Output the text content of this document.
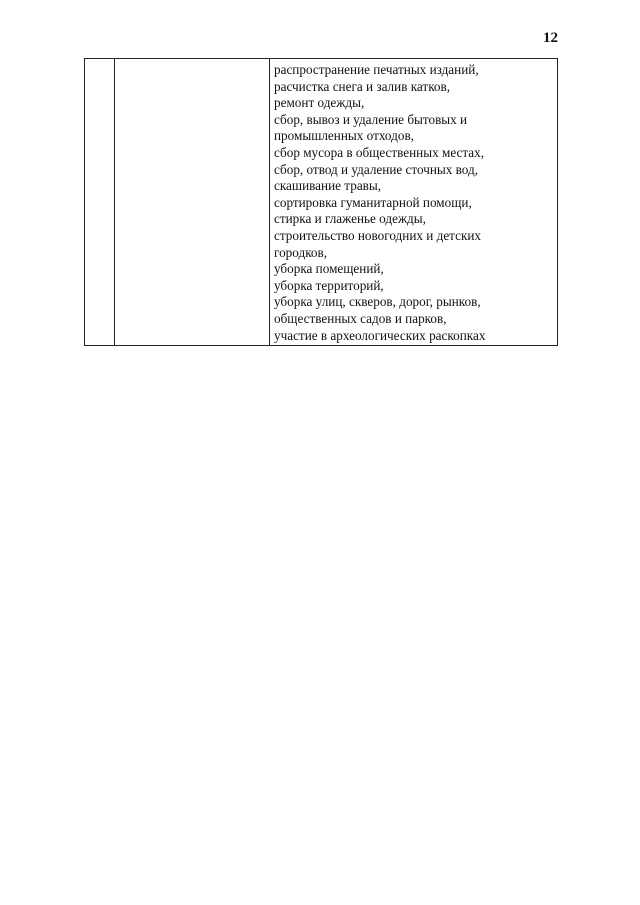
12

распространение печатных изданий,
расчистка снега и залив катков,
ремонт одежды,
сбор, вывоз и удаление бытовых и
промышленных отходов,
сбор мусора в общественных местах,
сбор, отвод и удаление сточных вод,
скашивание травы,
сортировка гуманитарной помощи,
стирка и глаженье одежды,
строительство новогодних и детских
городков,
уборка помещений,
уборка территорий,
уборка улиц, скверов, дорог, рынков,
общественных садов и парков,
участие в археологических раскопках
